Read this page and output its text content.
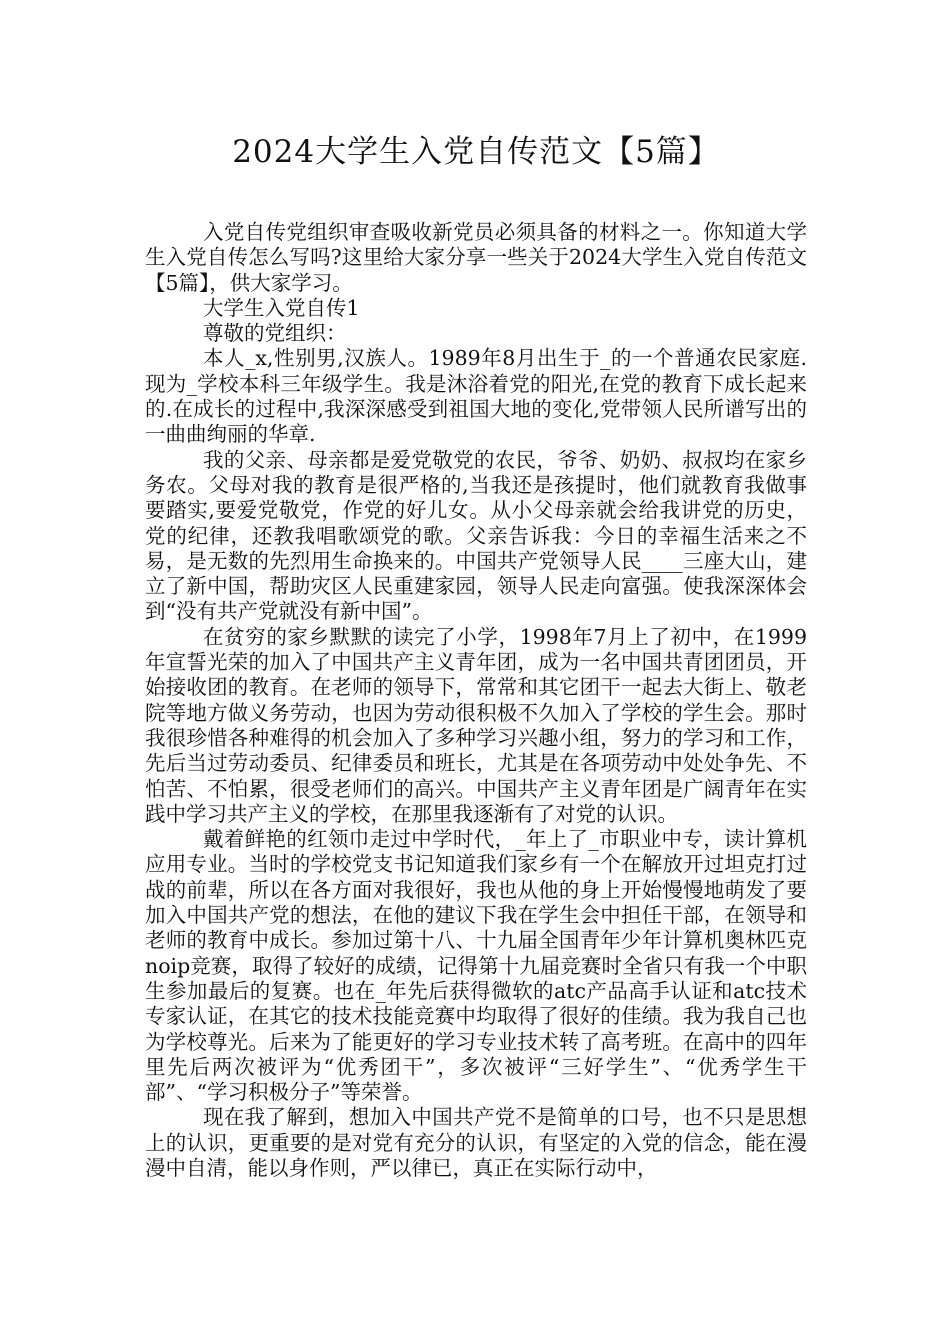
2024大学生入党自传范文【5篇】

入党自传党组织审查吸收新党员必须具备的材料之一。你知道大学生入党自传怎么写吗?这里给大家分享一些关于2024大学生入党自传范文【5篇】，供大家学习。

大学生入党自传1

尊敬的党组织：

本人_x,性别男,汉族人。1989年8月出生于_的一个普通农民家庭.现为_学校本科三年级学生。我是沐浴着党的阳光,在党的教育下成长起来的.在成长的过程中,我深深感受到祖国大地的变化,党带领人民所谱写出的一曲曲绚丽的华章.

我的父亲、母亲都是爱党敬党的农民，爷爷、奶奶、叔叔均在家乡务农。父母对我的教育是很严格的,当我还是孩提时，他们就教育我做事要踏实,要爱党敬党，作党的好儿女。从小父母亲就会给我讲党的历史，党的纪律，还教我唱歌颂党的歌。父亲告诉我：今日的幸福生活来之不易，是无数的先烈用生命换来的。中国共产党领导人民____三座大山，建立了新中国，帮助灾区人民重建家园，领导人民走向富强。使我深深体会到“没有共产党就没有新中国”。

在贫穷的家乡默默的读完了小学，1998年7月上了初中，在1999年宣誓光荣的加入了中国共产主义青年团，成为一名中国共青团团员，开始接收团的教育。在老师的领导下，常常和其它团干一起去大街上、敬老院等地方做义务劳动，也因为劳动很积极不久加入了学校的学生会。那时我很珍惜各种难得的机会加入了多种学习兴趣小组，努力的学习和工作，先后当过劳动委员、纪律委员和班长，尤其是在各项劳动中处处争先、不怕苦、不怕累，很受老师们的高兴。中国共产主义青年团是广阔青年在实践中学习共产主义的学校，在那里我逐渐有了对党的认识。

戴着鲜艳的红领巾走过中学时代，_年上了_市职业中专，读计算机应用专业。当时的学校党支书记知道我们家乡有一个在解放开过坦克打过战的前辈，所以在各方面对我很好，我也从他的身上开始慢慢地萌发了要加入中国共产党的想法，在他的建议下我在学生会中担任干部，在领导和老师的教育中成长。参加过第十八、十九届全国青年少年计算机奥林匹克noip竞赛，取得了较好的成绩，记得第十九届竞赛时全省只有我一个中职生参加最后的复赛。也在_年先后获得微软的atc产品高手认证和atc技术专家认证，在其它的技术技能竞赛中均取得了很好的佳绩。我为我自己也为学校尊光。后来为了能更好的学习专业技术转了高考班。在高中的四年里先后两次被评为“优秀团干”，多次被评“三好学生”、“优秀学生干部”、“学习积极分子”等荣誉。

现在我了解到，想加入中国共产党不是简单的口号，也不只是思想上的认识，更重要的是对党有充分的认识，有坚定的入党的信念，能在漫漫中自清，能以身作则，严以律已，真正在实际行动中，
